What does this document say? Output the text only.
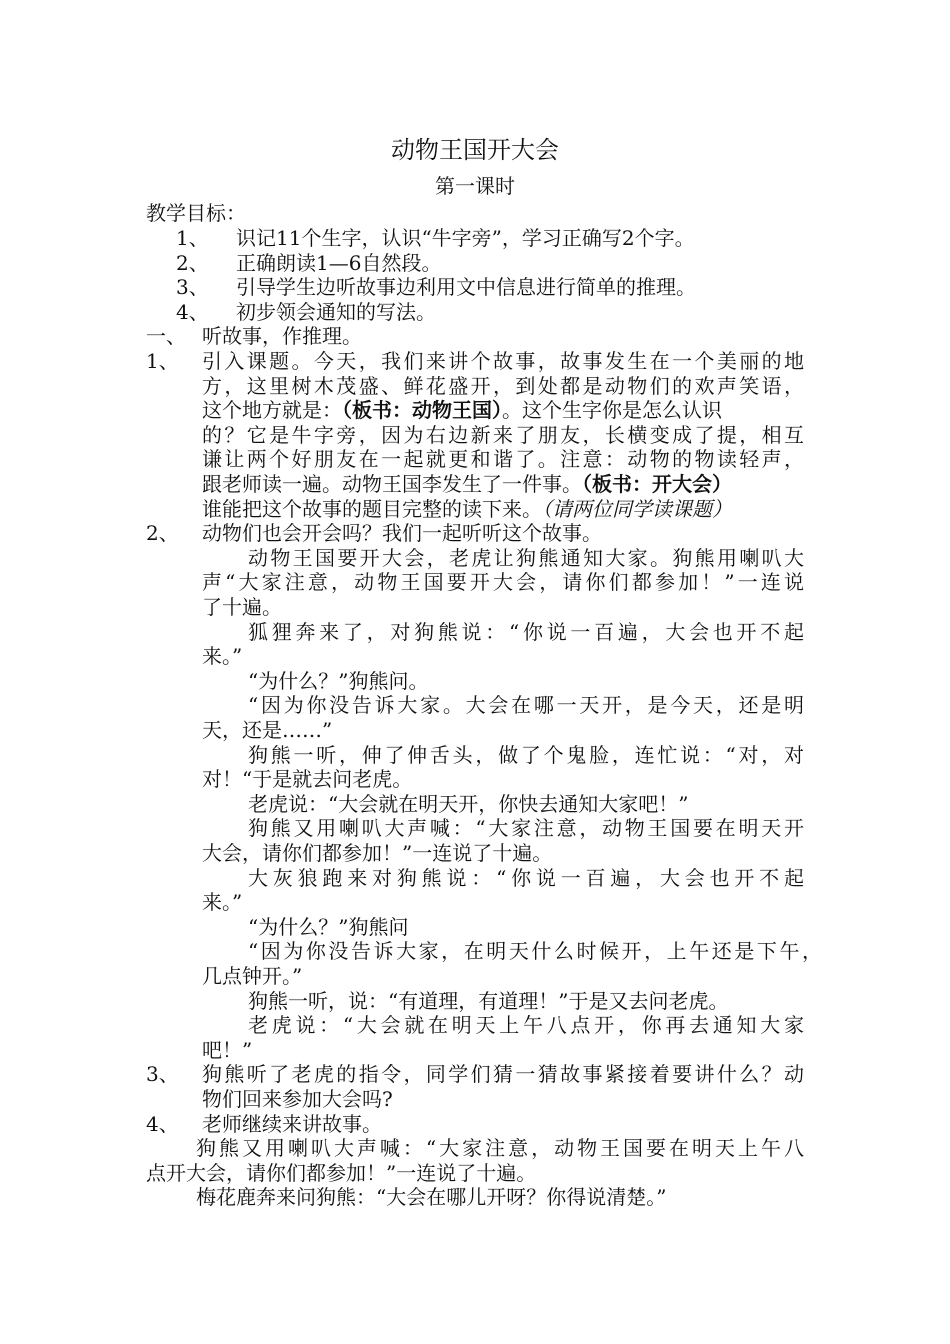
动物王国开大会
第一课时
教学目标：
1、 识记11个生字，认识“牛字旁”，学习正确写2个字。
2、 正确朗读1—6自然段。
3、 引导学生边听故事边利用文中信息进行简单的推理。
4、 初步领会通知的写法。
一、 听故事，作推理。
1、 引入课题。今天，我们来讲个故事，故事发生在一个美丽的地
方，这里树木茂盛、鲜花盛开，到处都是动物们的欢声笑语，
这个地方就是：（板书：动物王国）。这个生字你是怎么认识
的？它是牛字旁，因为右边新来了朋友，长横变成了提，相互
谦让两个好朋友在一起就更和谐了。注意：动物的物读轻声，
跟老师读一遍。动物王国李发生了一件事。（板书：开大会）
谁能把这个故事的题目完整的读下来。（请两位同学读课题）
2、 动物们也会开会吗？我们一起听听这个故事。
动物王国要开大会，老虎让狗熊通知大家。狗熊用喇叭大
声“大家注意，动物王国要开大会，请你们都参加！”一连说
了十遍。
狐狸奔来了，对狗熊说：“你说一百遍，大会也开不起
来。”
“为什么？”狗熊问。
“因为你没告诉大家。大会在哪一天开，是今天，还是明
天，还是……”
狗熊一听，伸了伸舌头，做了个鬼脸，连忙说：“对，对
对！“于是就去问老虎。
老虎说：“大会就在明天开，你快去通知大家吧！”
狗熊又用喇叭大声喊：“大家注意，动物王国要在明天开
大会，请你们都参加！”一连说了十遍。
大灰狼跑来对狗熊说：“你说一百遍，大会也开不起
来。”
“为什么？”狗熊问
“因为你没告诉大家，在明天什么时候开，上午还是下午，
几点钟开。”
狗熊一听，说：“有道理，有道理！”于是又去问老虎。
老虎说：“大会就在明天上午八点开，你再去通知大家
吧！”
3、 狗熊听了老虎的指令，同学们猜一猜故事紧接着要讲什么？动
物们回来参加大会吗?
4、 老师继续来讲故事。
狗熊又用喇叭大声喊：“大家注意，动物王国要在明天上午八
点开大会，请你们都参加！”一连说了十遍。
梅花鹿奔来问狗熊：“大会在哪儿开呀？你得说清楚。”
